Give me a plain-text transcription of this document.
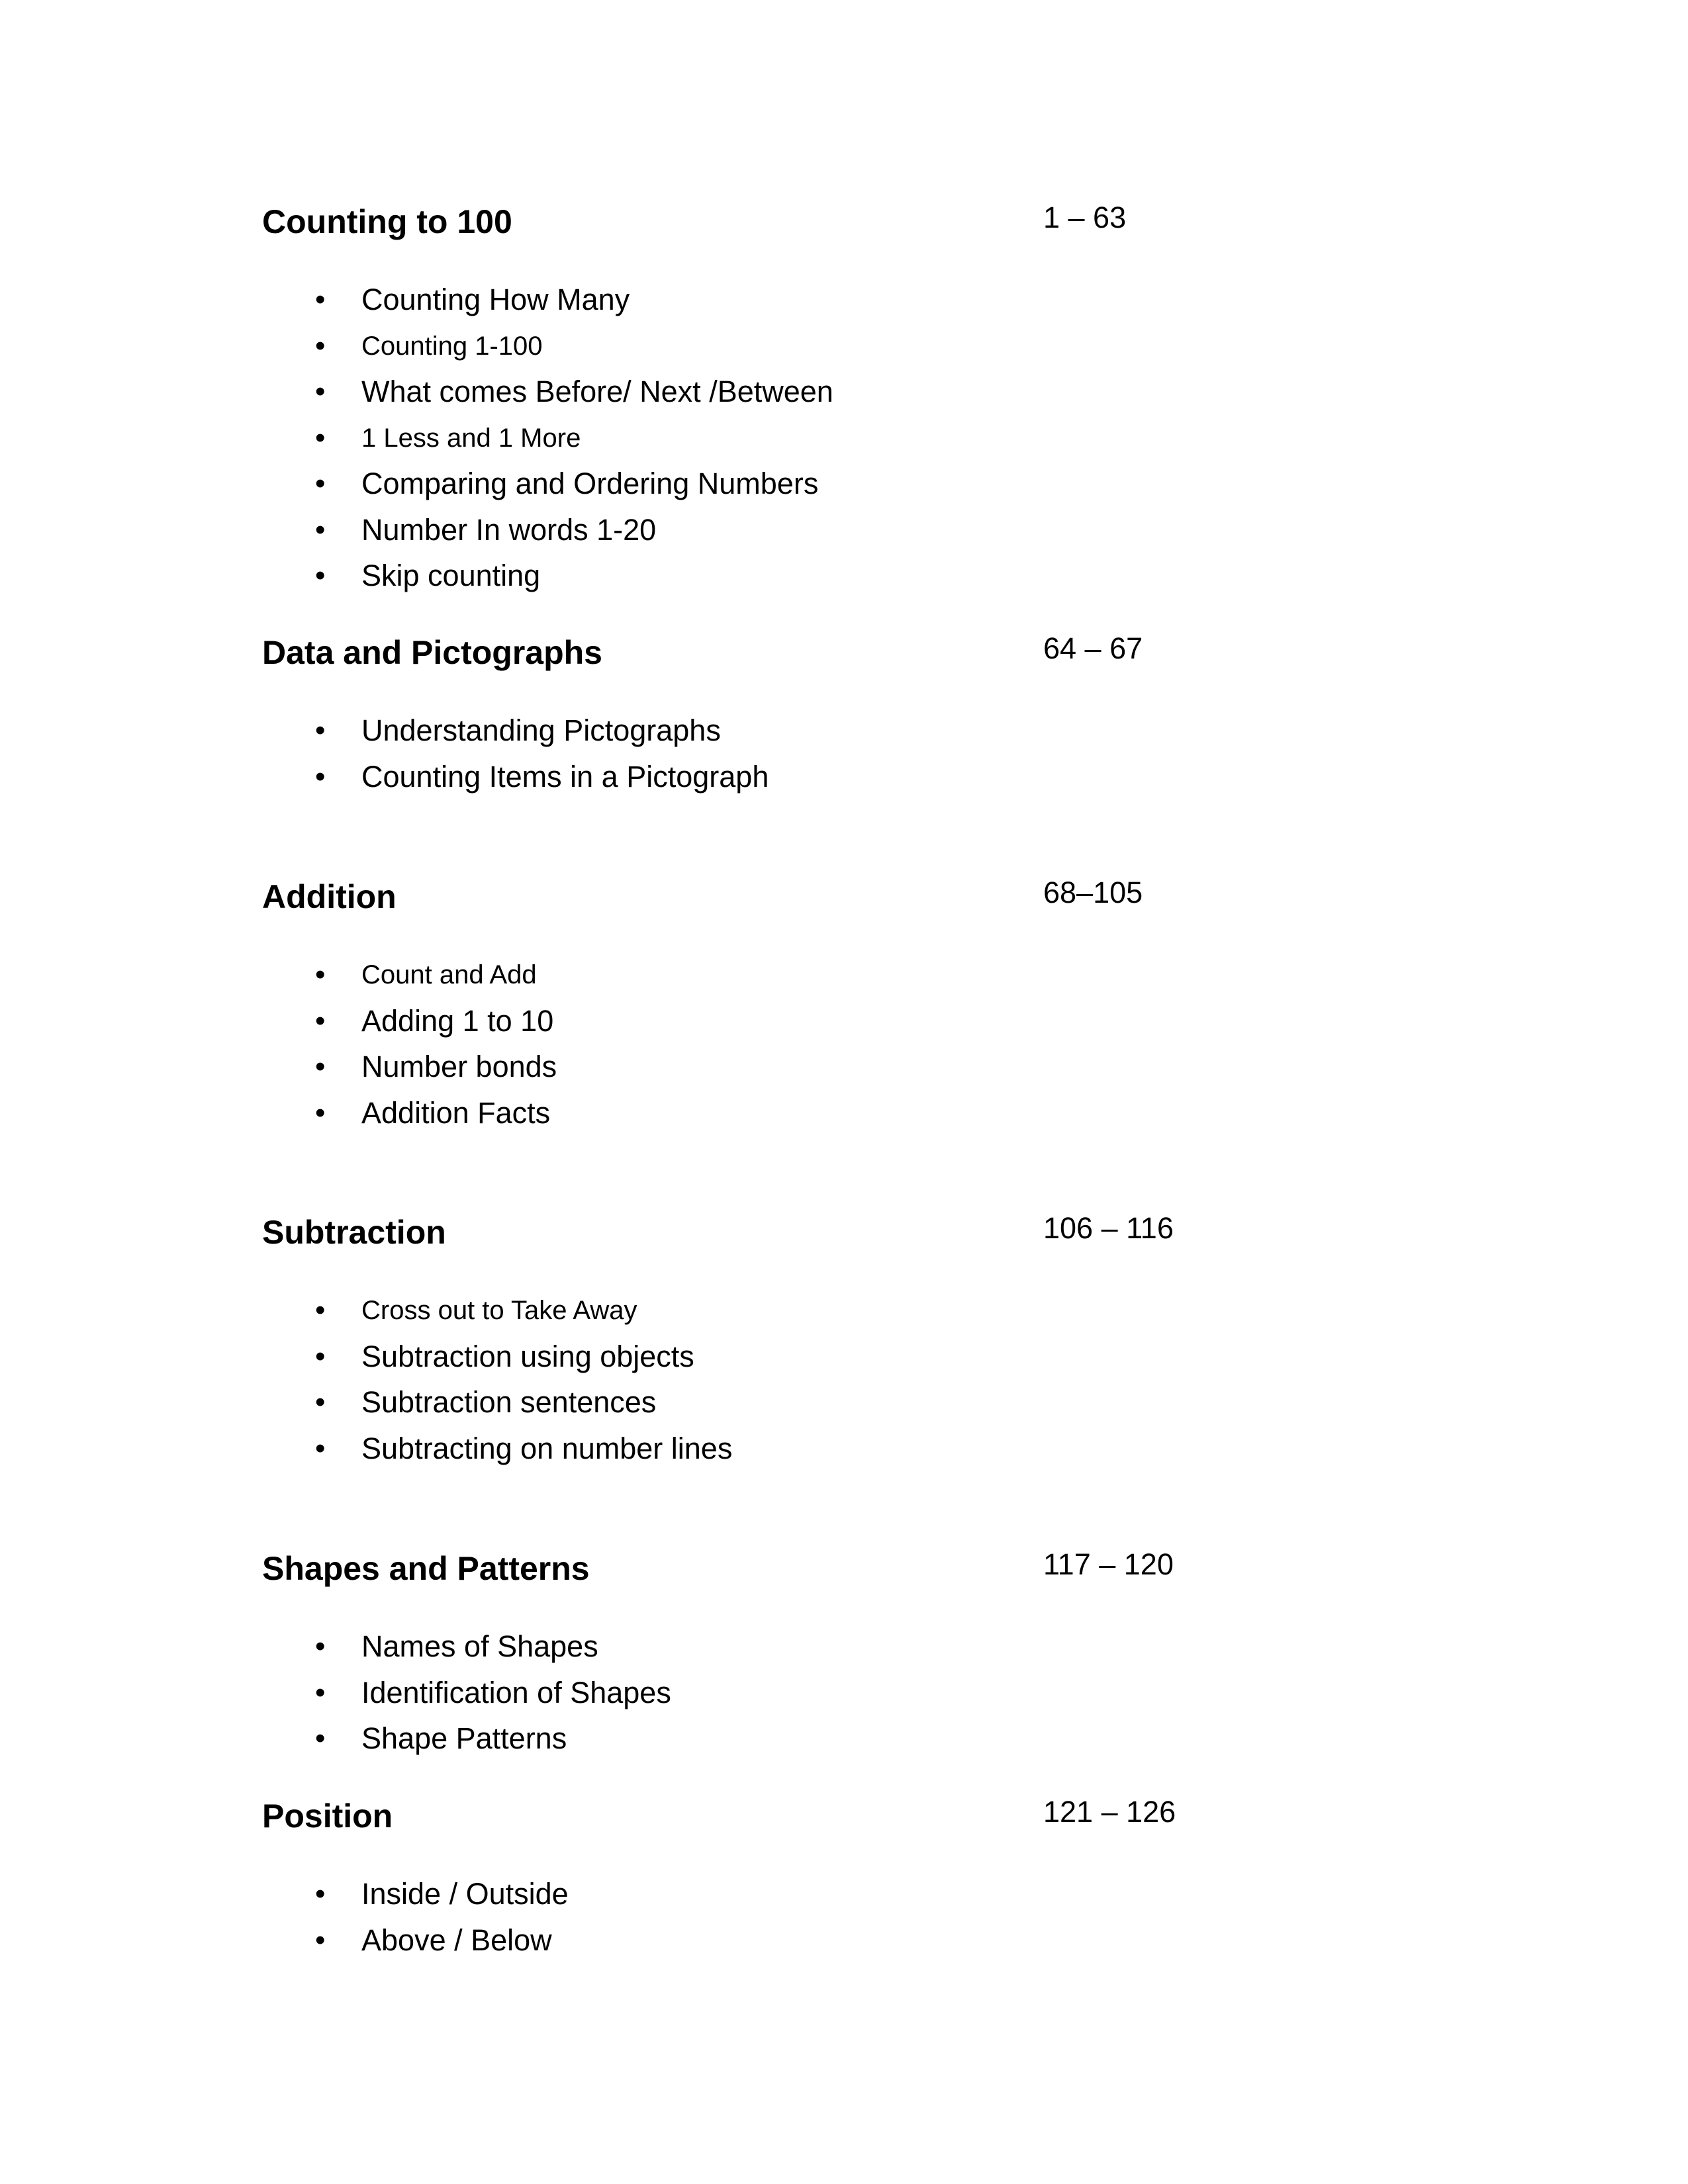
Counting to 100	1 – 63
• Counting How Many
• Counting 1-100
• What comes Before/ Next /Between
• 1 Less and 1 More
• Comparing and Ordering Numbers
• Number In words 1-20
• Skip counting
Data and Pictographs	64 – 67
• Understanding Pictographs
• Counting Items in a Pictograph
Addition	68–105
• Count and Add
• Adding 1 to 10
• Number bonds
• Addition Facts
Subtraction	106 – 116
• Cross out to Take Away
• Subtraction using objects
• Subtraction sentences
• Subtracting on number lines
Shapes and Patterns	117 – 120
• Names of Shapes
• Identification of Shapes
• Shape Patterns
Position	121 – 126
• Inside / Outside
• Above / Below
